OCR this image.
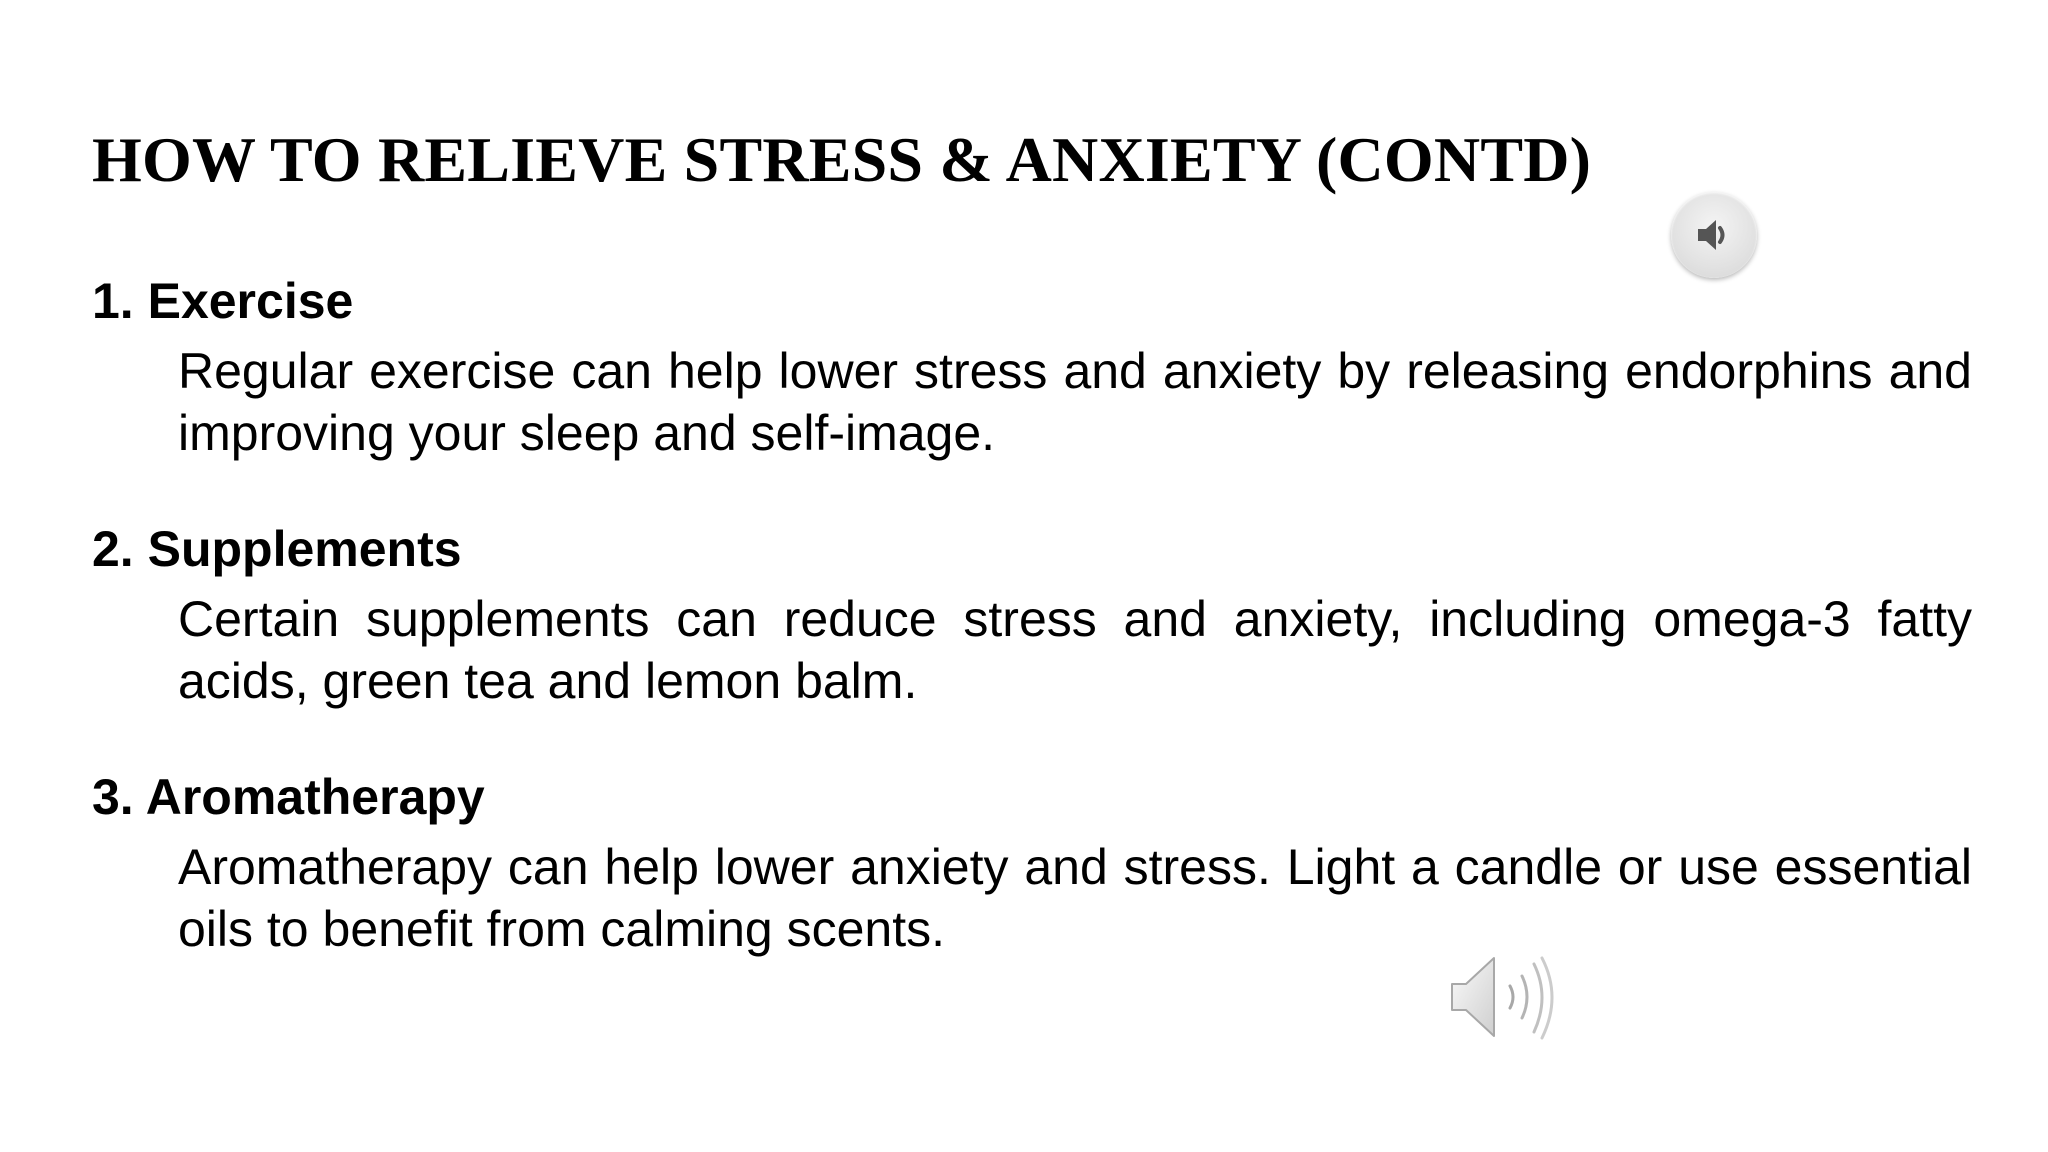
HOW TO RELIEVE STRESS & ANXIETY (CONTD)
1. Exercise

Regular exercise can help lower stress and anxiety by releasing endorphins and improving your sleep and self-image.

2. Supplements

Certain supplements can reduce stress and anxiety, including omega-3 fatty acids, green tea and lemon balm.

3. Aromatherapy

Aromatherapy can help lower anxiety and stress. Light a candle or use essential oils to benefit from calming scents.
